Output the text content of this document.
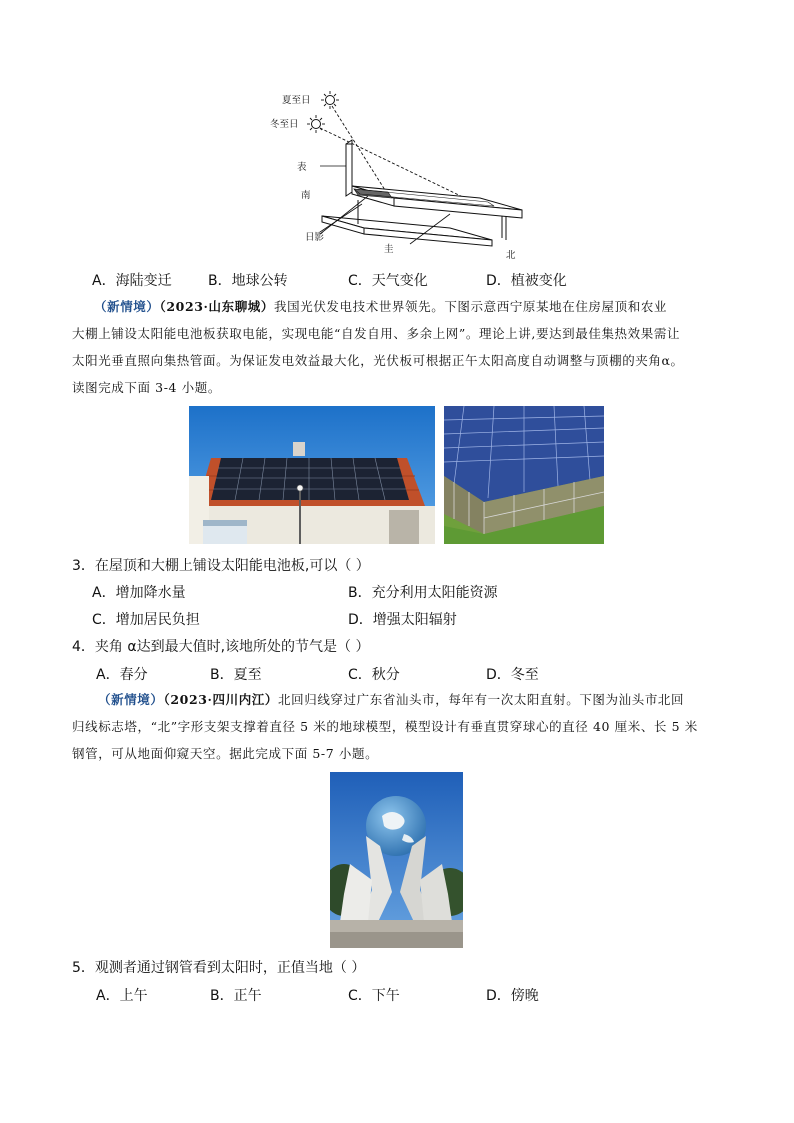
夏至日
冬至日
表
南
日影
圭
北
A．海陆变迁	B．地球公转	C．天气变化	D．植被变化
（新情境）（2023·山东聊城）我国光伏发电技术世界领先。下图示意西宁原某地在住房屋顶和农业
大棚上铺设太阳能电池板获取电能，实现电能“自发自用、多余上网”。理论上讲,要达到最佳集热效果需让
太阳光垂直照向集热管面。为保证发电效益最大化，光伏板可根据正午太阳高度自动调整与顶棚的夹角α。
读图完成下面 3-4 小题。
3．在屋顶和大棚上铺设太阳能电池板,可以（ ）
A．增加降水量	B．充分利用太阳能资源
C．增加居民负担	D．增强太阳辐射
4．夹角 α达到最大值时,该地所处的节气是（ ）
A．春分	B．夏至	C．秋分	D．冬至
（新情境）（2023·四川内江）北回归线穿过广东省汕头市，每年有一次太阳直射。下图为汕头市北回
归线标志塔，“北”字形支架支撑着直径 5 米的地球模型，模型设计有垂直贯穿球心的直径 40 厘米、长 5 米
钢管，可从地面仰窥天空。据此完成下面 5-7 小题。
5．观测者通过钢管看到太阳时，正值当地（ ）
A．上午	B．正午	C．下午	D．傍晚
